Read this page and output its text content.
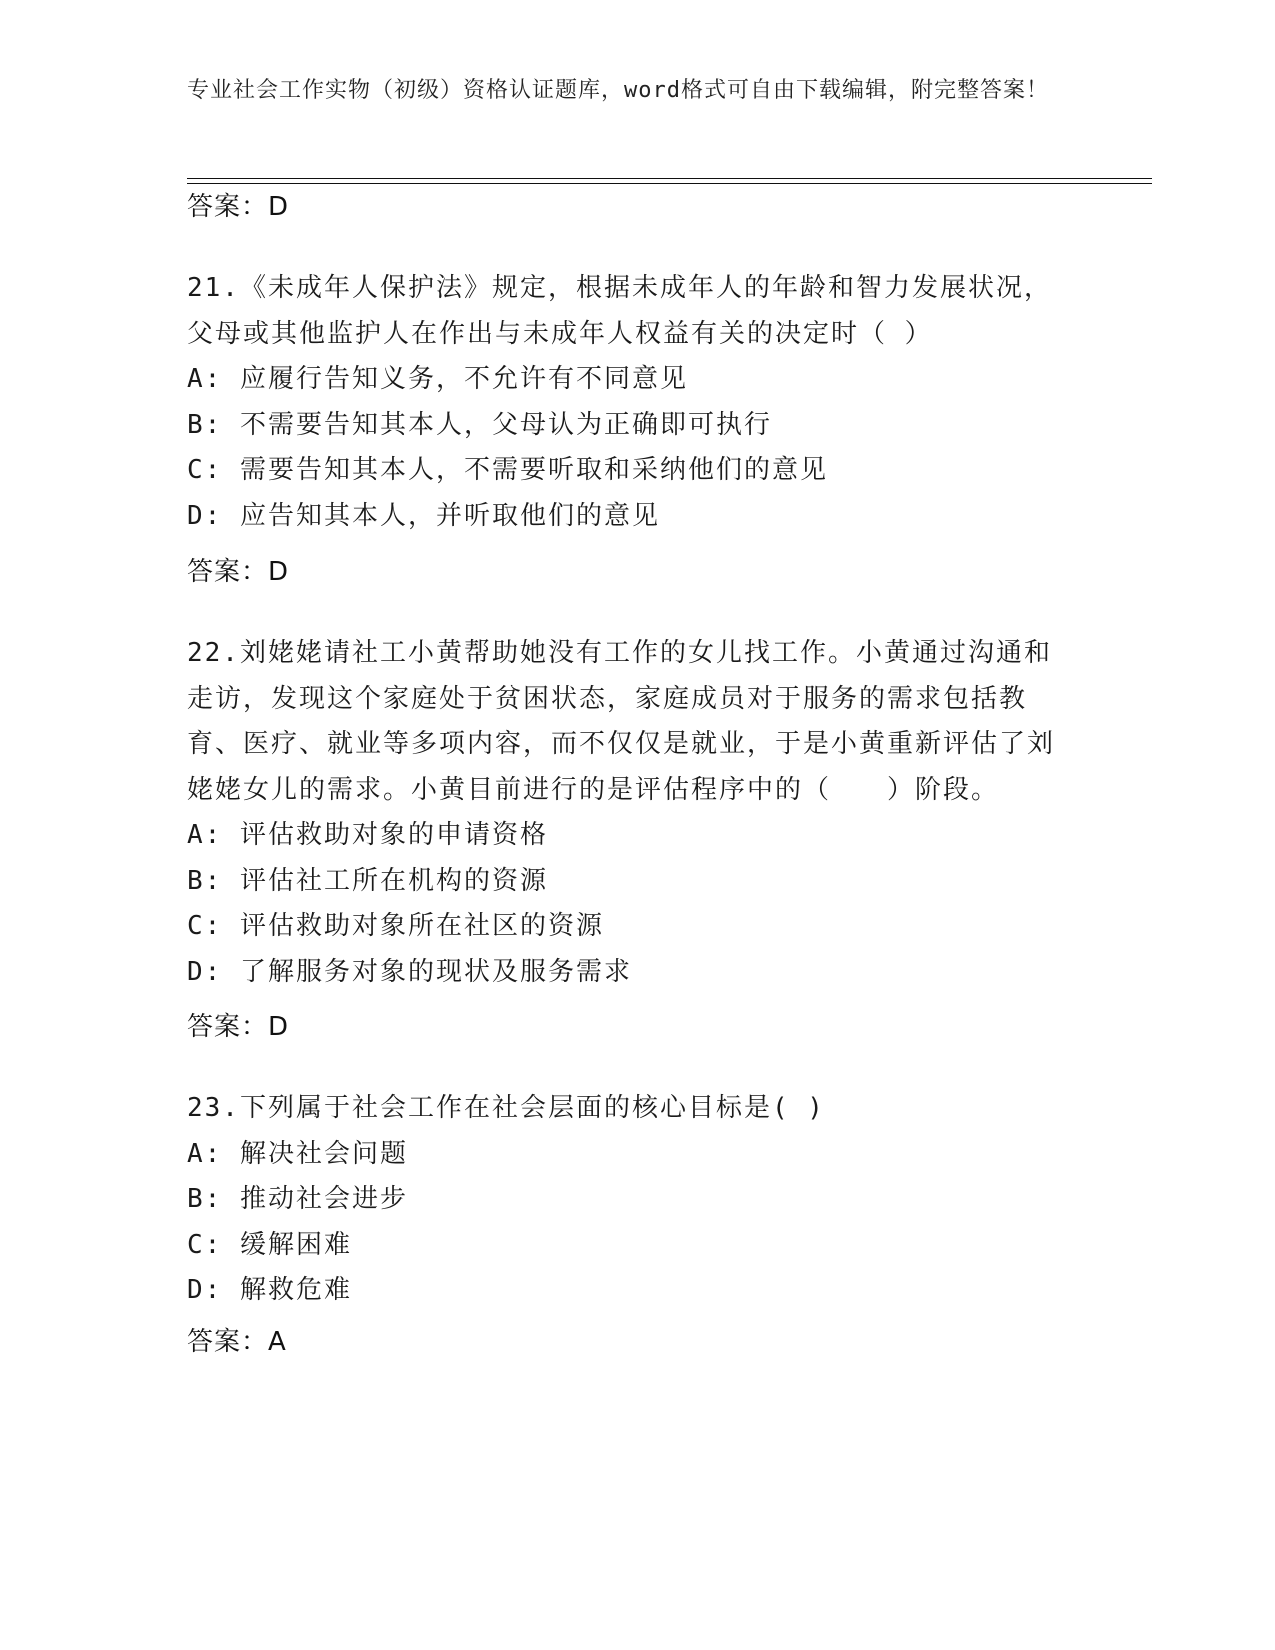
专业社会工作实物（初级）资格认证题库，word格式可自由下载编辑，附完整答案！
答案：D

21.《未成年人保护法》规定，根据未成年人的年龄和智力发展状况，父母或其他监护人在作出与未成年人权益有关的决定时（ ）

A: 应履行告知义务，不允许有不同意见

B: 不需要告知其本人，父母认为正确即可执行

C: 需要告知其本人，不需要听取和采纳他们的意见

D: 应告知其本人，并听取他们的意见

答案：D

22.刘姥姥请社工小黄帮助她没有工作的女儿找工作。小黄通过沟通和走访，发现这个家庭处于贫困状态，家庭成员对于服务的需求包括教育、医疗、就业等多项内容，而不仅仅是就业，于是小黄重新评估了刘姥姥女儿的需求。小黄目前进行的是评估程序中的（　　）阶段。

A: 评估救助对象的申请资格

B: 评估社工所在机构的资源

C: 评估救助对象所在社区的资源

D: 了解服务对象的现状及服务需求

答案：D

23.下列属于社会工作在社会层面的核心目标是( )

A: 解决社会问题

B: 推动社会进步

C: 缓解困难

D: 解救危难

答案：A
